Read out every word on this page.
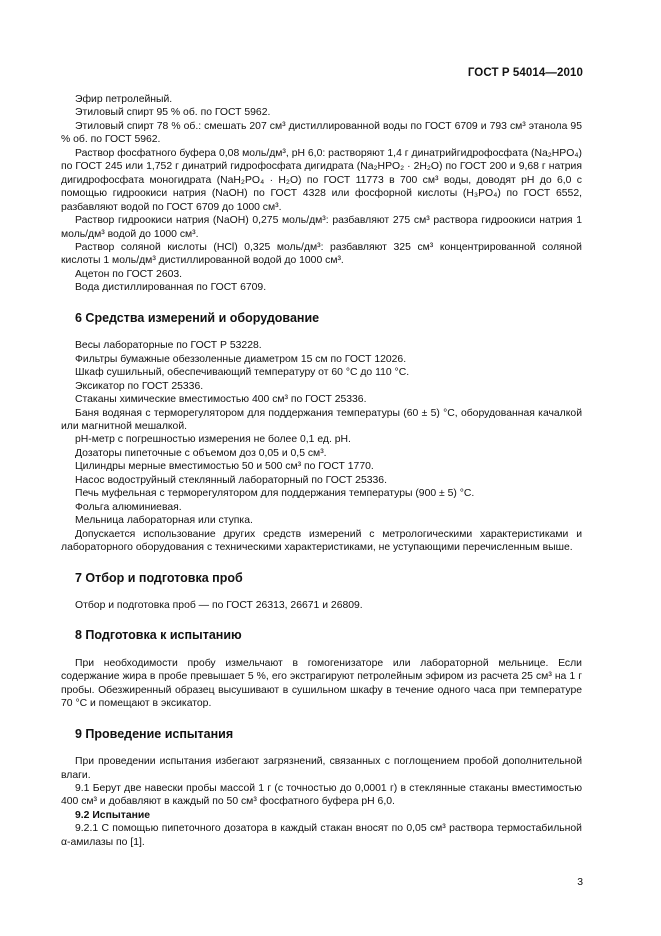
ГОСТ Р 54014—2010

Эфир петролейный.

Этиловый спирт 95 % об. по ГОСТ 5962.

Этиловый спирт 78 % об.: смешать 207 см³ дистиллированной воды по ГОСТ 6709 и 793 см³ этанола 95 % об. по ГОСТ 5962.

Раствор фосфатного буфера 0,08 моль/дм³, pH 6,0: растворяют 1,4 г динатрийгидрофосфата (Na₂HPO₄) по ГОСТ 245 или 1,752 г динатрий гидрофосфата дигидрата (Na₂HPO₂ · 2H₂O) по ГОСТ 200 и 9,68 г натрия дигидрофосфата моногидрата (NaH₂PO₄ · H₂O) по ГОСТ 11773 в 700 см³ воды, доводят pH до 6,0 с помощью гидроокиси натрия (NaOH) по ГОСТ 4328 или фосфорной кислоты (H₃PO₄) по ГОСТ 6552, разбавляют водой по ГОСТ 6709 до 1000 см³.

Раствор гидроокиси натрия (NaOH) 0,275 моль/дм³: разбавляют 275 см³ раствора гидроокиси натрия 1 моль/дм³ водой до 1000 см³.

Раствор соляной кислоты (HCl) 0,325 моль/дм³: разбавляют 325 см³ концентрированной соляной кислоты 1 моль/дм³ дистиллированной водой до 1000 см³.

Ацетон по ГОСТ 2603.

Вода дистиллированная по ГОСТ 6709.

6 Средства измерений и оборудование

Весы лабораторные по ГОСТ Р 53228.

Фильтры бумажные обеззоленные диаметром 15 см по ГОСТ 12026.

Шкаф сушильный, обеспечивающий температуру от 60 °С до 110 °С.

Эксикатор по ГОСТ 25336.

Стаканы химические вместимостью 400 см³ по ГОСТ 25336.

Баня водяная с терморегулятором для поддержания температуры (60 ± 5) °С, оборудованная качалкой или магнитной мешалкой.

pH-метр с погрешностью измерения не более 0,1 ед. pH.

Дозаторы пипеточные с объемом доз 0,05 и 0,5 см³.

Цилиндры мерные вместимостью 50 и 500 см³ по ГОСТ 1770.

Насос водоструйный стеклянный лабораторный по ГОСТ 25336.

Печь муфельная с терморегулятором для поддержания температуры (900 ± 5) °С.

Фольга алюминиевая.

Мельница лабораторная или ступка.

Допускается использование других средств измерений с метрологическими характеристиками и лабораторного оборудования с техническими характеристиками, не уступающими перечисленным выше.

7 Отбор и подготовка проб

Отбор и подготовка проб — по ГОСТ 26313, 26671 и 26809.

8 Подготовка к испытанию

При необходимости пробу измельчают в гомогенизаторе или лабораторной мельнице. Если содержание жира в пробе превышает 5 %, его экстрагируют петролейным эфиром из расчета 25 см³ на 1 г пробы. Обезжиренный образец высушивают в сушильном шкафу в течение одного часа при температуре 70 °С и помещают в эксикатор.

9 Проведение испытания

При проведении испытания избегают загрязнений, связанных с поглощением пробой дополнительной влаги.

9.1 Берут две навески пробы массой 1 г (с точностью до 0,0001 г) в стеклянные стаканы вместимостью 400 см³ и добавляют в каждый по 50 см³ фосфатного буфера pH 6,0.

9.2 Испытание

9.2.1 С помощью пипеточного дозатора в каждый стакан вносят по 0,05 см³ раствора термостабильной α-амилазы по [1].

3
